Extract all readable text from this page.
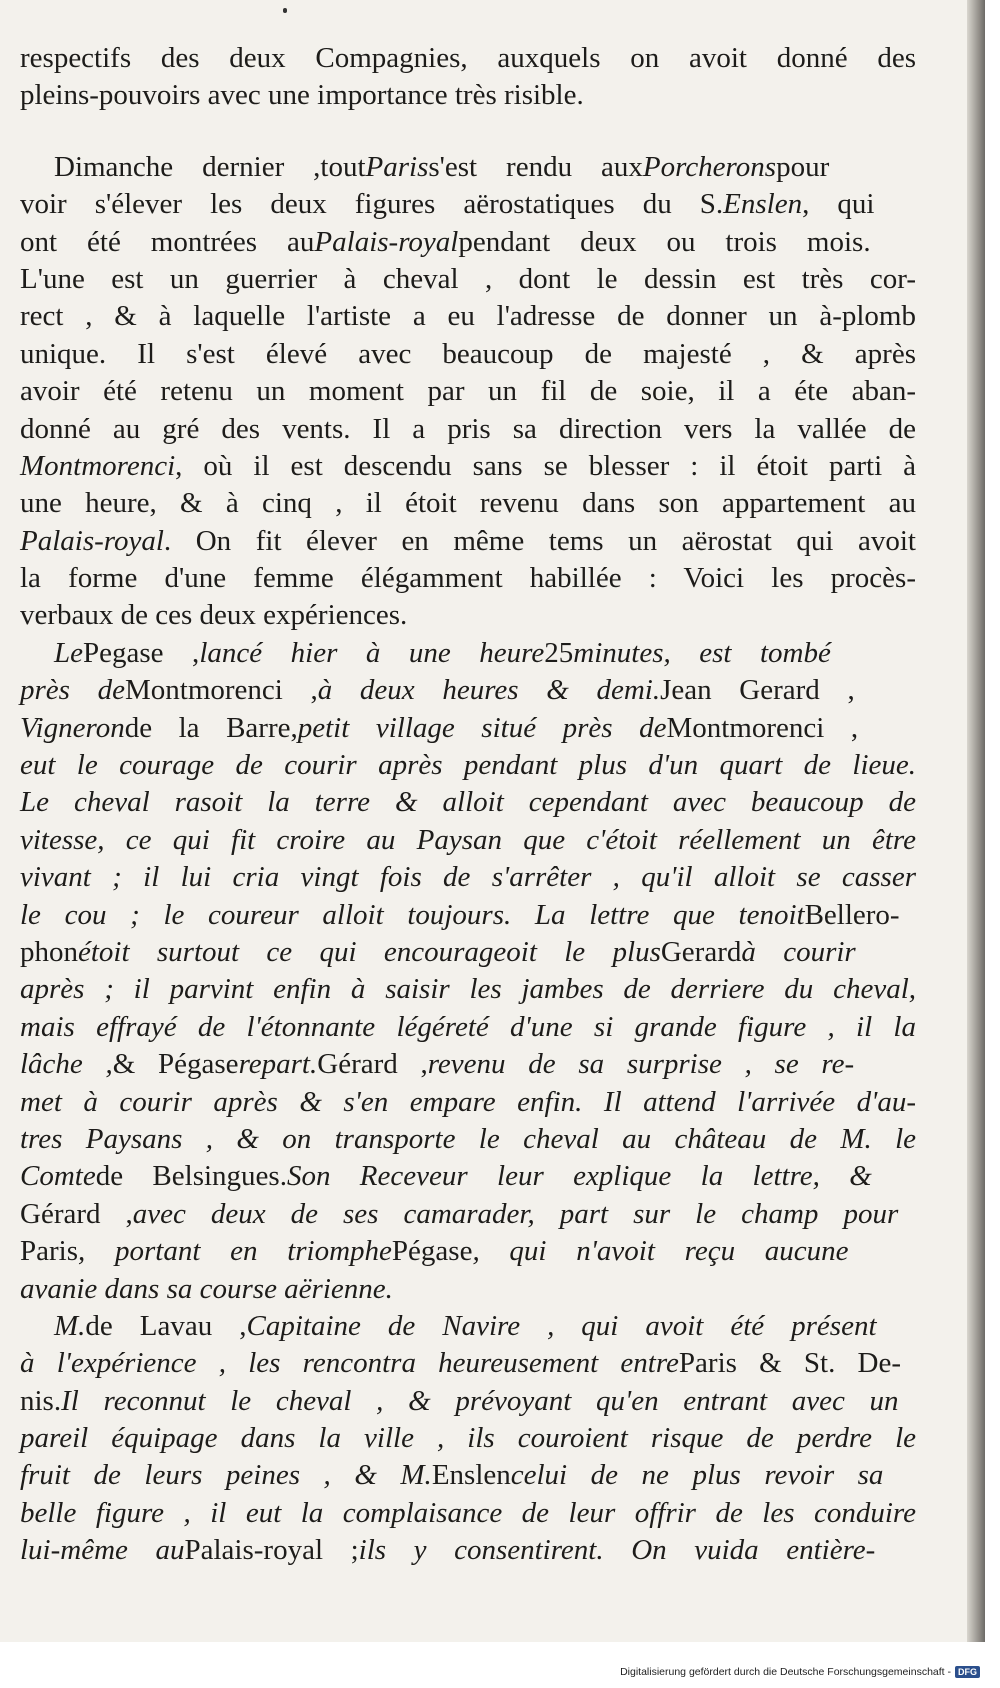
respectifs des deux Compagnies, auxquels on avoit donné des
pleins-pouvoirs avec une importance très risible.
Dimanche dernier ,toutPariss'est rendu auxPorcheronspour
voir s'élever les deux figures aërostatiques du S.Enslen, qui
ont été montrées auPalais-royalpendant deux ou trois mois.
L'une est un guerrier à cheval , dont le dessin est très cor-
rect , & à laquelle l'artiste a eu l'adresse de donner un à-plomb
unique. Il s'est élevé avec beaucoup de majesté , & après
avoir été retenu un moment par un fil de soie, il a éte aban-
donné au gré des vents. Il a pris sa direction vers la vallée de
Montmorenci, où il est descendu sans se blesser : il étoit parti à
une heure, & à cinq , il étoit revenu dans son appartement au
Palais-royal. On fit élever en même tems un aërostat qui avoit
la forme d'une femme élégamment habillée : Voici les procès-
verbaux de ces deux expériences.
LePegase ,lancé hier à une heure25minutes, est tombé
près deMontmorenci ,à deux heures & demi.Jean Gerard ,
Vigneronde la Barre,petit village situé près deMontmorenci ,
eut le courage de courir après pendant plus d'un quart de lieue.
Le cheval rasoit la terre & alloit cependant avec beaucoup de
vitesse, ce qui fit croire au Paysan que c'étoit réellement un être
vivant ; il lui cria vingt fois de s'arrêter , qu'il alloit se casser
le cou ; le coureur alloit toujours. La lettre que tenoitBellero-
phonétoit surtout ce qui encourageoit le plusGerardà courir
après ; il parvint enfin à saisir les jambes de derriere du cheval,
mais effrayé de l'étonnante légéreté d'une si grande figure , il la
lâche ,& Pégaserepart.Gérard ,revenu de sa surprise , se re-
met à courir après & s'en empare enfin. Il attend l'arrivée d'au-
tres Paysans , & on transporte le cheval au château de M. le
Comtede Belsingues.Son Receveur leur explique la lettre, &
Gérard ,avec deux de ses camarader, part sur le champ pour
Paris, portant en triomphePégase, qui n'avoit reçu aucune
avanie dans sa course aërienne.
M.de Lavau ,Capitaine de Navire , qui avoit été présent
à l'expérience , les rencontra heureusement entreParis & St. De-
nis.Il reconnut le cheval , & prévoyant qu'en entrant avec un
pareil équipage dans la ville , ils couroient risque de perdre le
fruit de leurs peines , & M.Enslencelui de ne plus revoir sa
belle figure , il eut la complaisance de leur offrir de les conduire
lui-même auPalais-royal ;ils y consentirent. On vuida entière-
Digitalisierung gefördert durch die Deutsche Forschungsgemeinschaft - DFG
